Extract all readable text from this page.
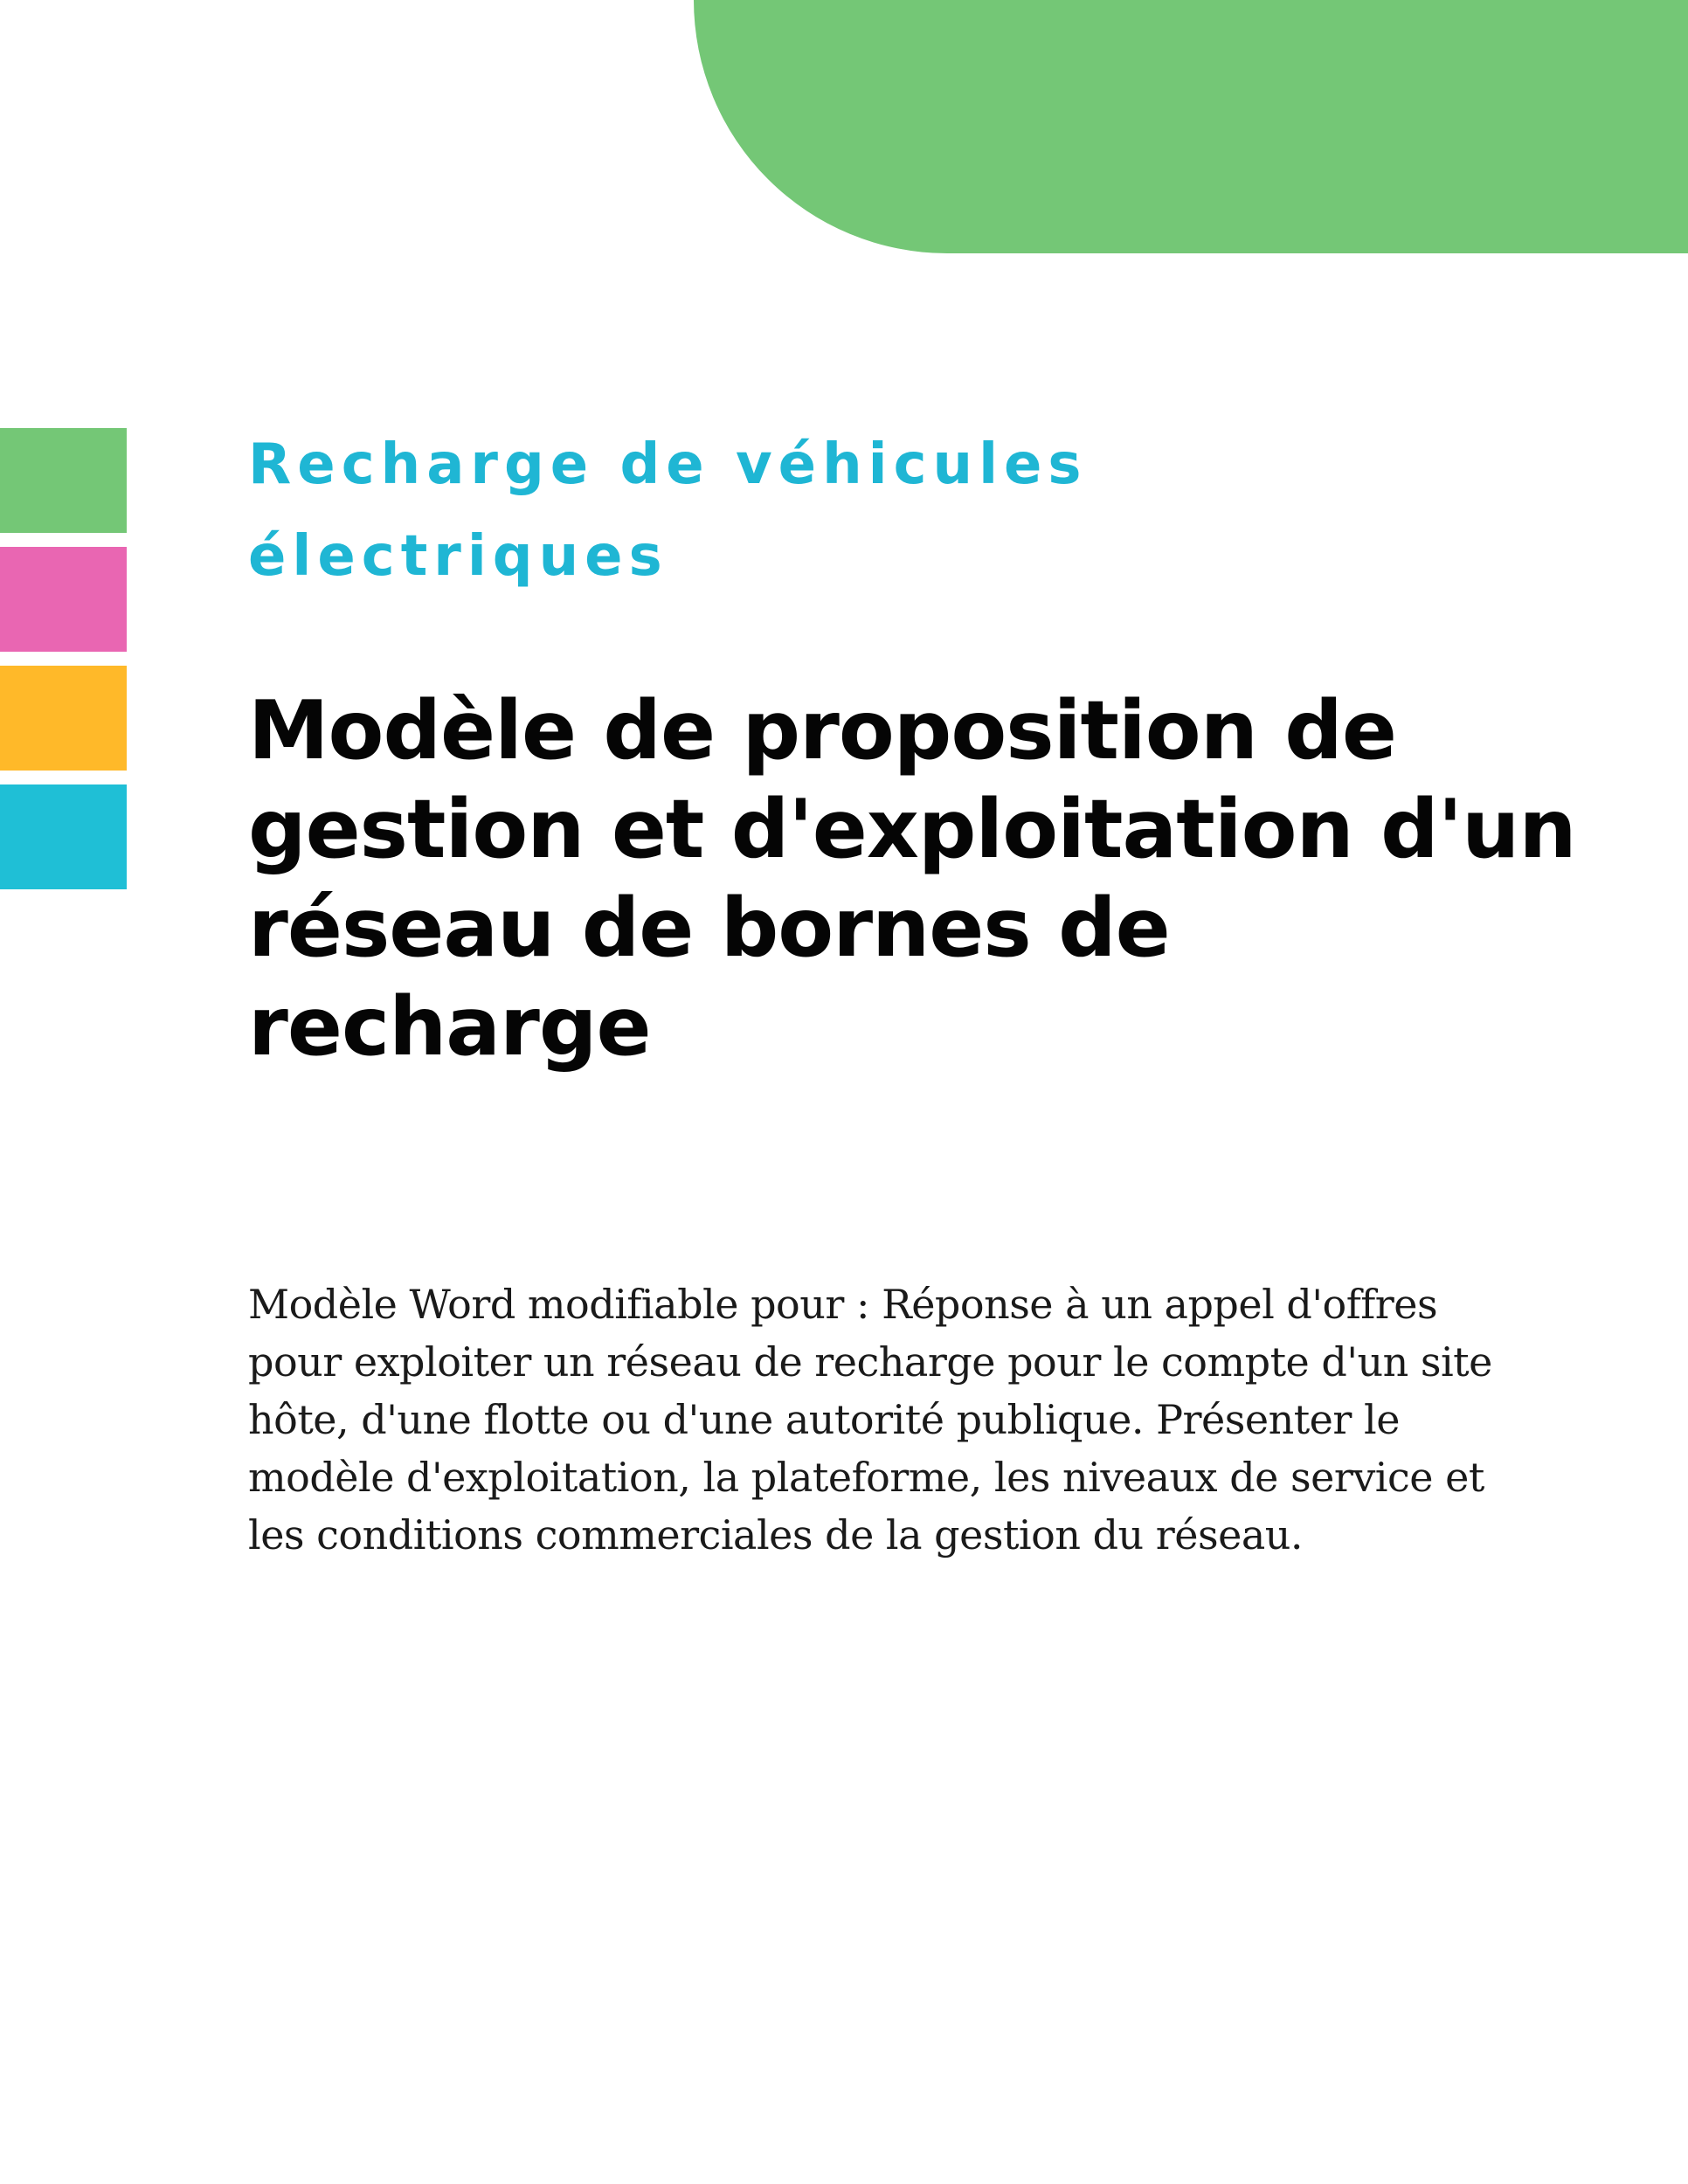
Recharge de véhicules électriques
Modèle de proposition de gestion et d'exploitation d'un réseau de bornes de recharge

Modèle Word modifiable pour : Réponse à un appel d'offres pour exploiter un réseau de recharge pour le compte d'un site hôte, d'une flotte ou d'une autorité publique. Présenter le modèle d'exploitation, la plateforme, les niveaux de service et les conditions commerciales de la gestion du réseau.
